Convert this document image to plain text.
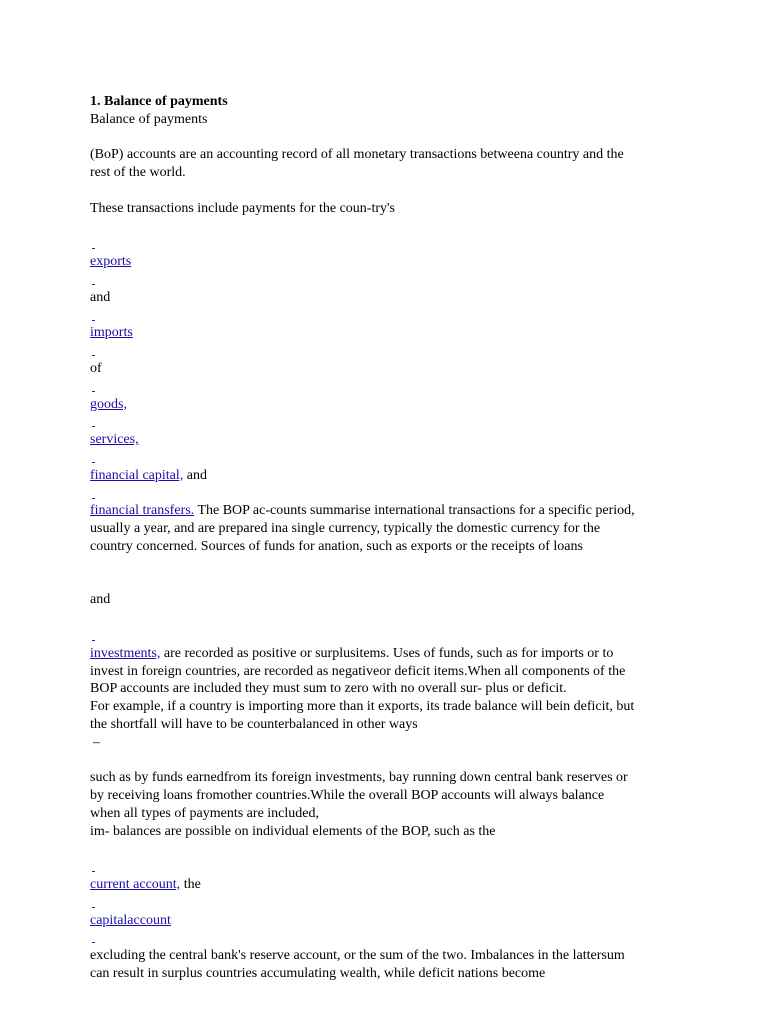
1. Balance of payments
Balance of payments
(BoP) accounts are an accounting record of all monetary transactions betweena country and the
rest of the world.
These transactions include payments for the coun-try's
exports
and
imports
of
goods,
services,
financial capital, and
financial transfers. The BOP ac-counts summarise international transactions for a specific period,
usually a year, and are prepared ina single currency, typically the domestic currency for the
country concerned. Sources of funds for anation, such as exports or the receipts of loans
and
investments, are recorded as positive or surplusitems. Uses of funds, such as for imports or to
invest in foreign countries, are recorded as negativeor deficit items.When all components of the
BOP accounts are included they must sum to zero with no overall sur- plus or deficit.
For example, if a country is importing more than it exports, its trade balance will bein deficit, but
the shortfall will have to be counterbalanced in other ways
–
such as by funds earnedfrom its foreign investments, bay running down central bank reserves or
by receiving loans fromother countries.While the overall BOP accounts will always balance
when all types of payments are included,
im- balances are possible on individual elements of the BOP, such as the
current account, the
capitalaccount
excluding the central bank's reserve account, or the sum of the two. Imbalances in the lattersum
can result in surplus countries accumulating wealth, while deficit nations become
